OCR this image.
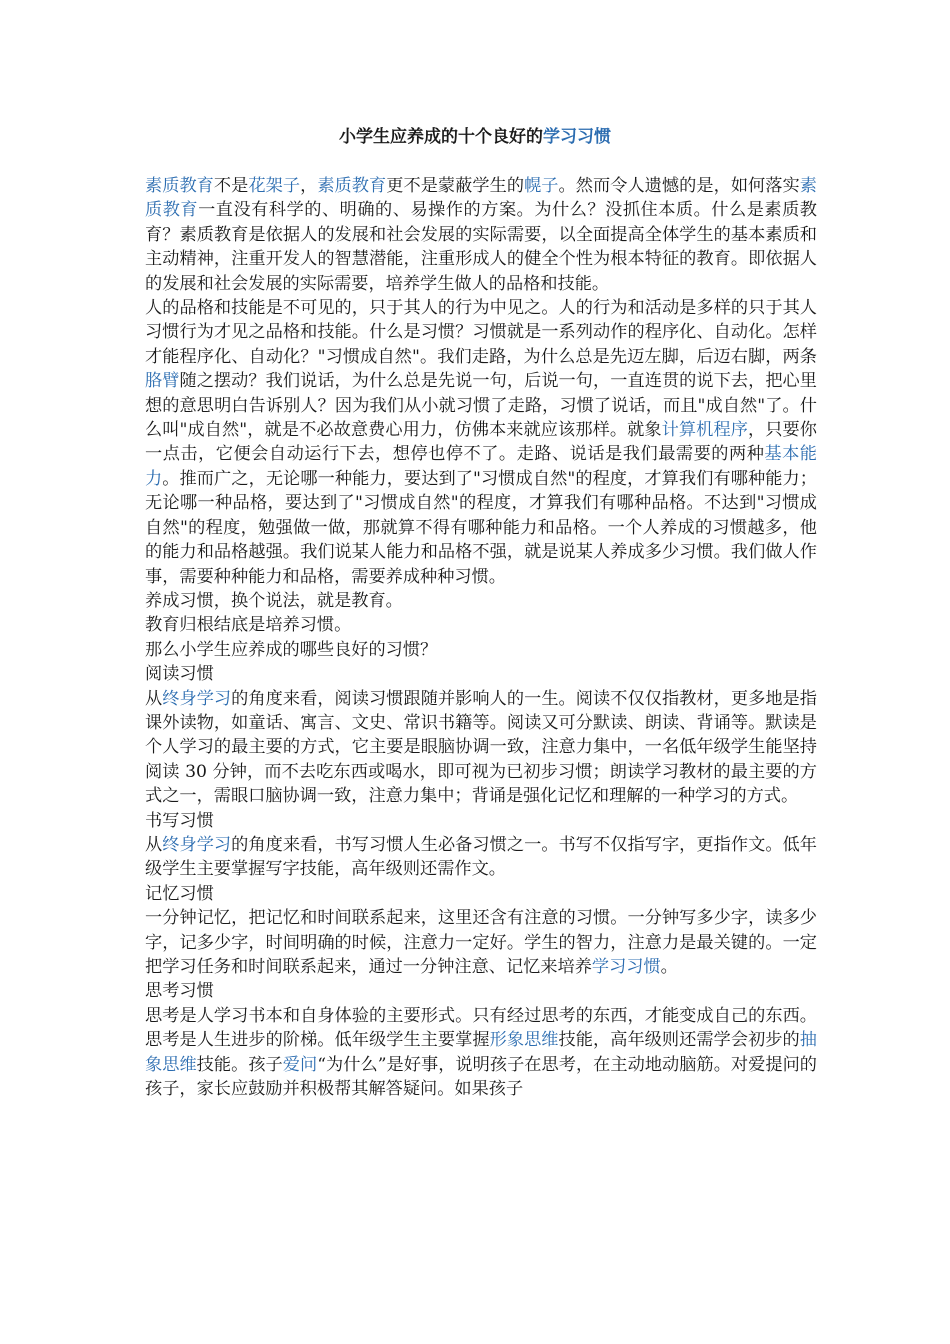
小学生应养成的十个良好的学习习惯

素质教育不是花架子，素质教育更不是蒙蔽学生的幌子。然而令人遗憾的是，如何落实素质教育一直没有科学的、明确的、易操作的方案。为什么？没抓住本质。什么是素质教育？素质教育是依据人的发展和社会发展的实际需要，以全面提高全体学生的基本素质和主动精神，注重开发人的智慧潜能，注重形成人的健全个性为根本特征的教育。即依据人的发展和社会发展的实际需要，培养学生做人的品格和技能。

人的品格和技能是不可见的，只于其人的行为中见之。人的行为和活动是多样的只于其人习惯行为才见之品格和技能。什么是习惯？习惯就是一系列动作的程序化、自动化。怎样才能程序化、自动化？"习惯成自然"。我们走路，为什么总是先迈左脚，后迈右脚，两条胳臂随之摆动？我们说话，为什么总是先说一句，后说一句，一直连贯的说下去，把心里想的意思明白告诉别人？因为我们从小就习惯了走路，习惯了说话，而且"成自然"了。什么叫"成自然"，就是不必故意费心用力，仿佛本来就应该那样。就象计算机程序，只要你一点击，它便会自动运行下去，想停也停不了。走路、说话是我们最需要的两种基本能力。推而广之，无论哪一种能力，要达到了"习惯成自然"的程度，才算我们有哪种能力；无论哪一种品格，要达到了"习惯成自然"的程度，才算我们有哪种品格。不达到"习惯成自然"的程度，勉强做一做，那就算不得有哪种能力和品格。一个人养成的习惯越多，他的能力和品格越强。我们说某人能力和品格不强，就是说某人养成多少习惯。我们做人作事，需要种种能力和品格，需要养成种种习惯。

养成习惯，换个说法，就是教育。

教育归根结底是培养习惯。

那么小学生应养成的哪些良好的习惯？

阅读习惯

从终身学习的角度来看，阅读习惯跟随并影响人的一生。阅读不仅仅指教材，更多地是指课外读物，如童话、寓言、文史、常识书籍等。阅读又可分默读、朗读、背诵等。默读是个人学习的最主要的方式，它主要是眼脑协调一致，注意力集中，一名低年级学生能坚持阅读 30 分钟，而不去吃东西或喝水，即可视为已初步习惯；朗读学习教材的最主要的方式之一，需眼口脑协调一致，注意力集中；背诵是强化记忆和理解的一种学习的方式。

书写习惯

从终身学习的角度来看，书写习惯人生必备习惯之一。书写不仅指写字，更指作文。低年级学生主要掌握写字技能，高年级则还需作文。

记忆习惯

一分钟记忆，把记忆和时间联系起来，这里还含有注意的习惯。一分钟写多少字，读多少字，记多少字，时间明确的时候，注意力一定好。学生的智力，注意力是最关键的。一定把学习任务和时间联系起来，通过一分钟注意、记忆来培养学习习惯。

思考习惯

思考是人学习书本和自身体验的主要形式。只有经过思考的东西，才能变成自己的东西。思考是人生进步的阶梯。低年级学生主要掌握形象思维技能，高年级则还需学会初步的抽象思维技能。孩子爱问“为什么”是好事，说明孩子在思考，在主动地动脑筋。对爱提问的孩子，家长应鼓励并积极帮其解答疑问。如果孩子
